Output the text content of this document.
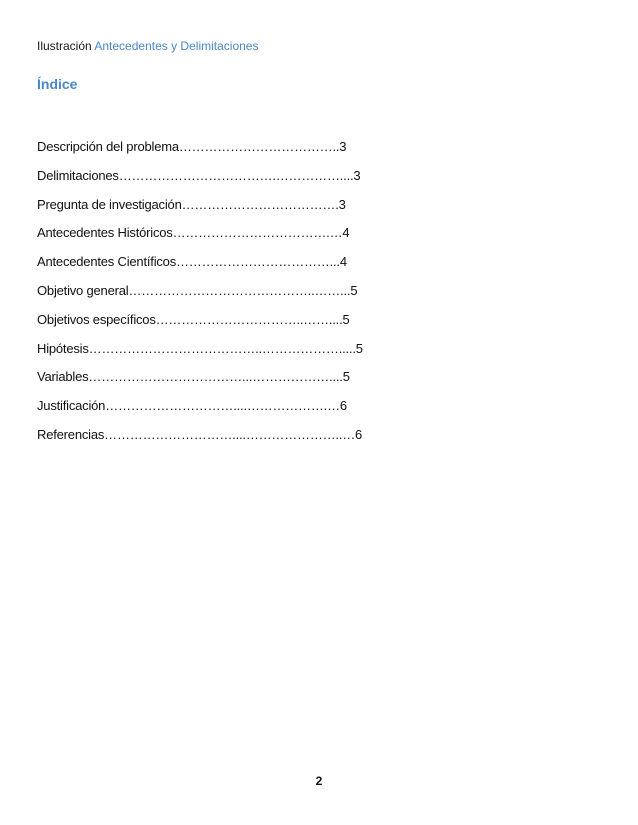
Ilustración Antecedentes y Delimitaciones
Índice
Descripción del problema………………………………..3
Delimitaciones……………………………….……………....3
Pregunta de investigación……………………………….3
Antecedentes Históricos……………………………….…4
Antecedentes Científicos………………………………...4
Objetivo general……………………………………..……...5
Objetivos específicos……………………………..……....5
Hipótesis…………………………………..……………….....5
Variables………………………………...………………....5
Justificación…………………………....……………….…6
Referencias…………………………....…………………..…6
2
